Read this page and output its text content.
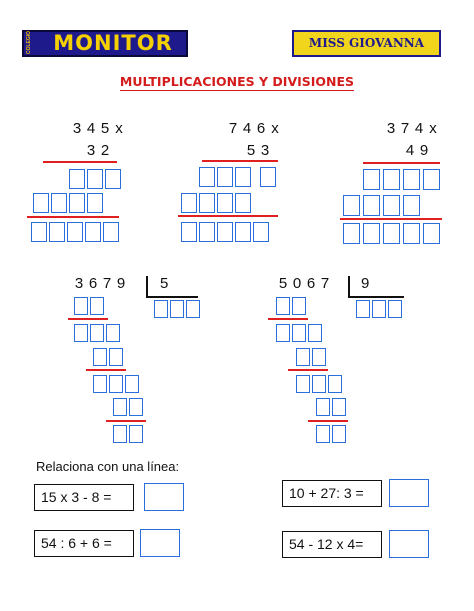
COLEGIO	MONITOR	MISS GIOVANNA
MULTIPLICACIONES Y DIVISIONES
3 4 5 x
3 2
7 4 6 x
5 3
3 7 4 x
4 9
3 6 7 9 5	5 0 6 7 9
Relaciona con una línea:
15 x 3 - 8 =	10 + 27: 3 =
54 : 6 + 6 =	54 - 12 x 4=
